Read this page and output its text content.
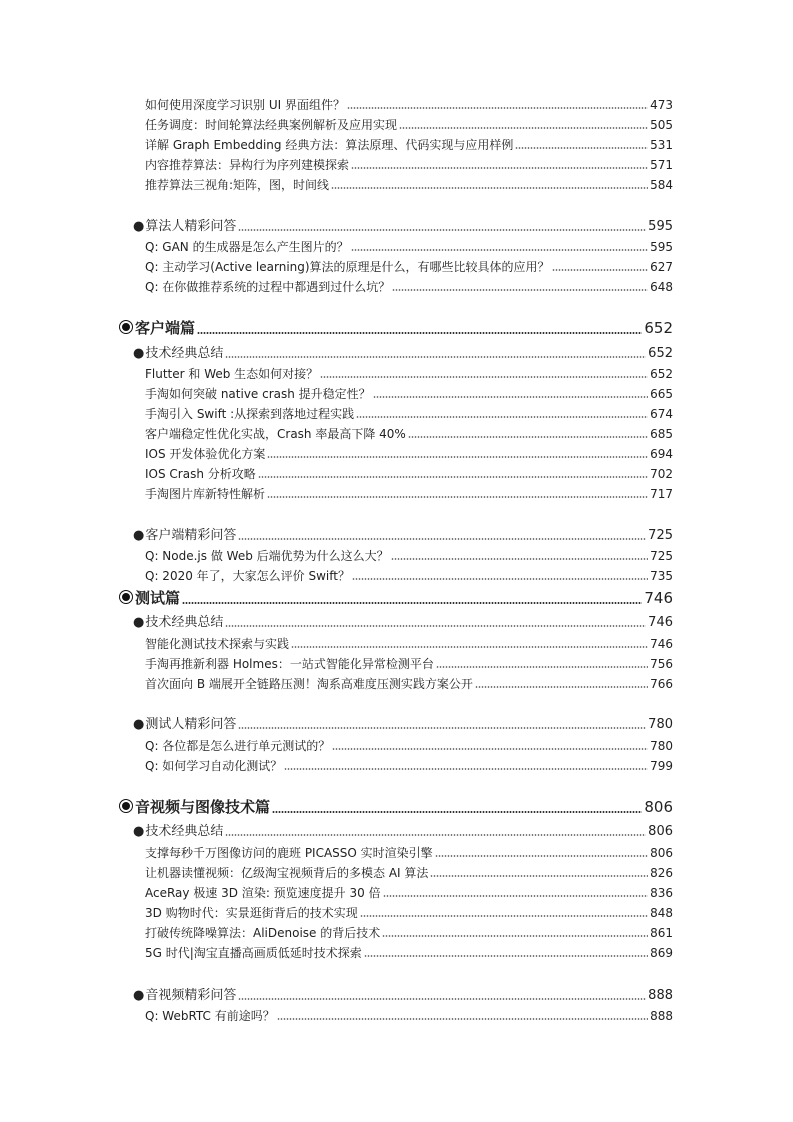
如何使用深度学习识别 UI 界面组件？	473
任务调度：时间轮算法经典案例解析及应用实现	505
详解 Graph Embedding 经典方法：算法原理、代码实现与应用样例	531
内容推荐算法：异构行为序列建模探索	571
推荐算法三视角:矩阵，图，时间线	584
●算法人精彩问答	595
Q: GAN 的生成器是怎么产生图片的？	595
Q: 主动学习(Active learning)算法的原理是什么，有哪些比较具体的应用？	627
Q: 在你做推荐系统的过程中都遇到过什么坑？	648
客户端篇	652
●技术经典总结	652
Flutter 和 Web 生态如何对接？	652
手淘如何突破 native crash 提升稳定性？	665
手淘引入 Swift :从探索到落地过程实践	674
客户端稳定性优化实战，Crash 率最高下降 40%	685
IOS 开发体验优化方案	694
IOS Crash 分析攻略	702
手淘图片库新特性解析	717
●客户端精彩问答	725
Q: Node.js 做 Web 后端优势为什么这么大？	725
Q: 2020 年了，大家怎么评价 Swift？	735
测试篇	746
●技术经典总结	746
智能化测试技术探索与实践	746
手淘再推新利器 Holmes：一站式智能化异常检测平台	756
首次面向 B 端展开全链路压测！淘系高难度压测实践方案公开	766
●测试人精彩问答	780
Q: 各位都是怎么进行单元测试的？	780
Q: 如何学习自动化测试？	799
音视频与图像技术篇	806
●技术经典总结	806
支撑每秒千万图像访问的鹿班 PICASSO 实时渲染引擎	806
让机器读懂视频：亿级淘宝视频背后的多模态 AI 算法	826
AceRay 极速 3D 渲染: 预览速度提升 30 倍	836
3D 购物时代：实景逛街背后的技术实现	848
打破传统降噪算法：AliDenoise 的背后技术	861
5G 时代|淘宝直播高画质低延时技术探索	869
●音视频精彩问答	888
Q: WebRTC 有前途吗？	888
